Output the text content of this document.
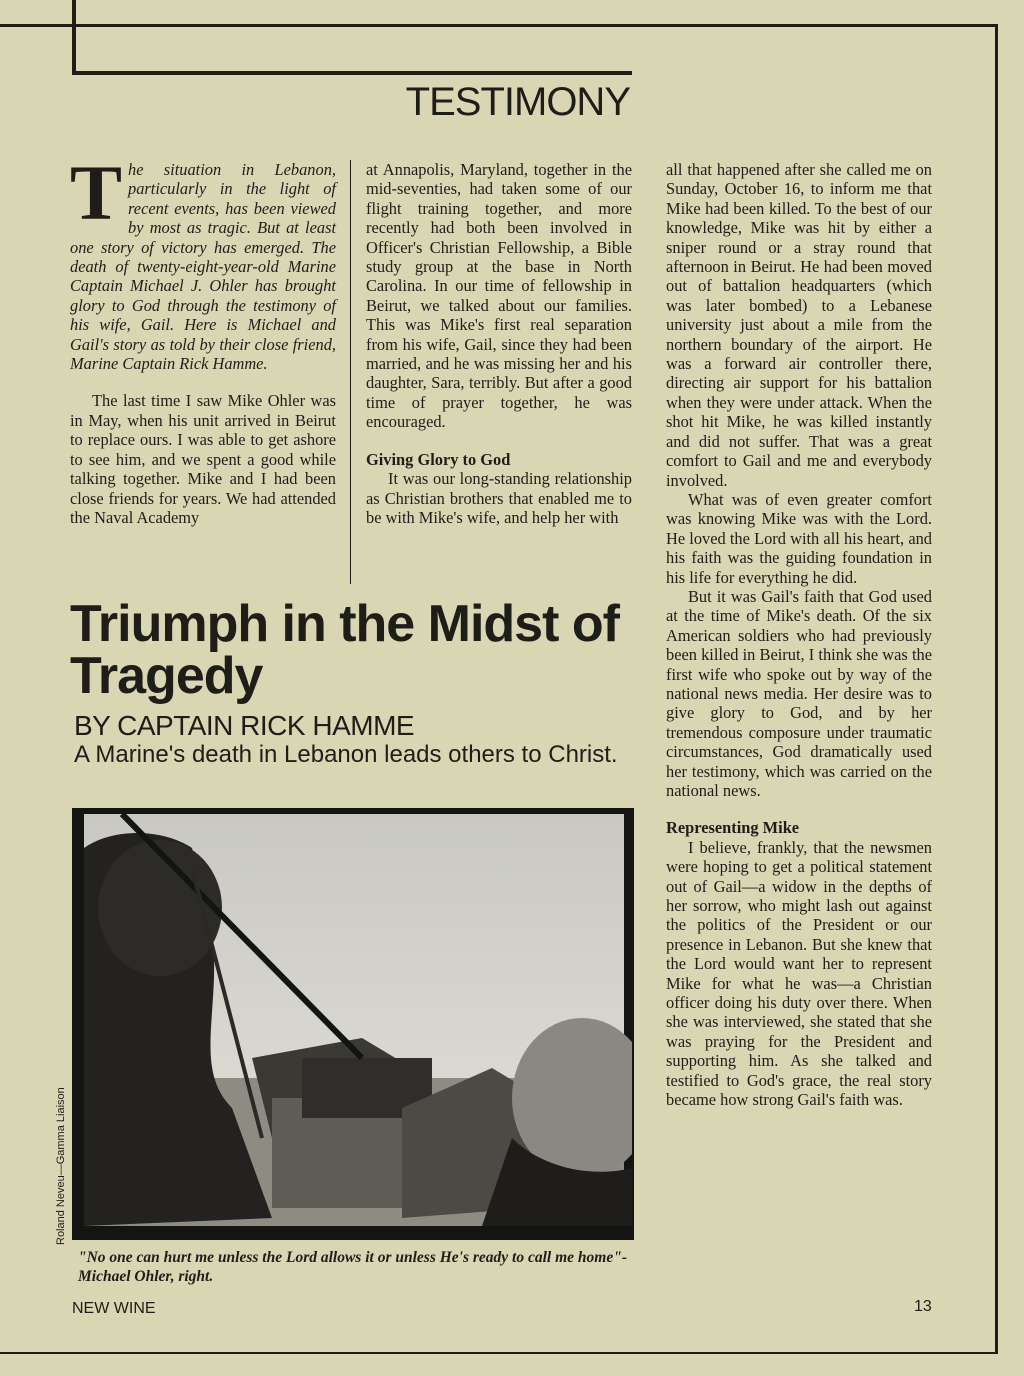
TESTIMONY

The situation in Lebanon, particularly in the light of recent events, has been viewed by most as tragic. But at least one story of victory has emerged. The death of twenty-eight-year-old Marine Captain Michael J. Ohler has brought glory to God through the testimony of his wife, Gail. Here is Michael and Gail's story as told by their close friend, Marine Captain Rick Hamme.

The last time I saw Mike Ohler was in May, when his unit arrived in Beirut to replace ours. I was able to get ashore to see him, and we spent a good while talking together. Mike and I had been close friends for years. We had attended the Naval Academy

at Annapolis, Maryland, together in the mid-seventies, had taken some of our flight training together, and more recently had both been involved in Officer's Christian Fellowship, a Bible study group at the base in North Carolina. In our time of fellowship in Beirut, we talked about our families. This was Mike's first real separation from his wife, Gail, since they had been married, and he was missing her and his daughter, Sara, terribly. But after a good time of prayer together, he was encouraged.

Giving Glory to God

It was our long-standing relationship as Christian brothers that enabled me to be with Mike's wife, and help her with

all that happened after she called me on Sunday, October 16, to inform me that Mike had been killed. To the best of our knowledge, Mike was hit by either a sniper round or a stray round that afternoon in Beirut. He had been moved out of battalion headquarters (which was later bombed) to a Lebanese university just about a mile from the northern boundary of the airport. He was a forward air controller there, directing air support for his battalion when they were under attack. When the shot hit Mike, he was killed instantly and did not suffer. That was a great comfort to Gail and me and everybody involved.

What was of even greater comfort was knowing Mike was with the Lord. He loved the Lord with all his heart, and his faith was the guiding foundation in his life for everything he did.

But it was Gail's faith that God used at the time of Mike's death. Of the six American soldiers who had previously been killed in Beirut, I think she was the first wife who spoke out by way of the national news media. Her desire was to give glory to God, and by her tremendous composure under traumatic circumstances, God dramatically used her testimony, which was carried on the national news.

Representing Mike

I believe, frankly, that the newsmen were hoping to get a political statement out of Gail—a widow in the depths of her sorrow, who might lash out against the politics of the President or our presence in Lebanon. But she knew that the Lord would want her to represent Mike for what he was—a Christian officer doing his duty over there. When she was interviewed, she stated that she was praying for the President and supporting him. As she talked and testified to God's grace, the real story became how strong Gail's faith was.

Triumph in the Midst of Tragedy
BY CAPTAIN RICK HAMME
A Marine's death in Lebanon leads others to Christ.
Roland Neveu—Gamma Liaison
"No one can hurt me unless the Lord allows it or unless He's ready to call me home"-Michael Ohler, right.
NEW WINE	13
